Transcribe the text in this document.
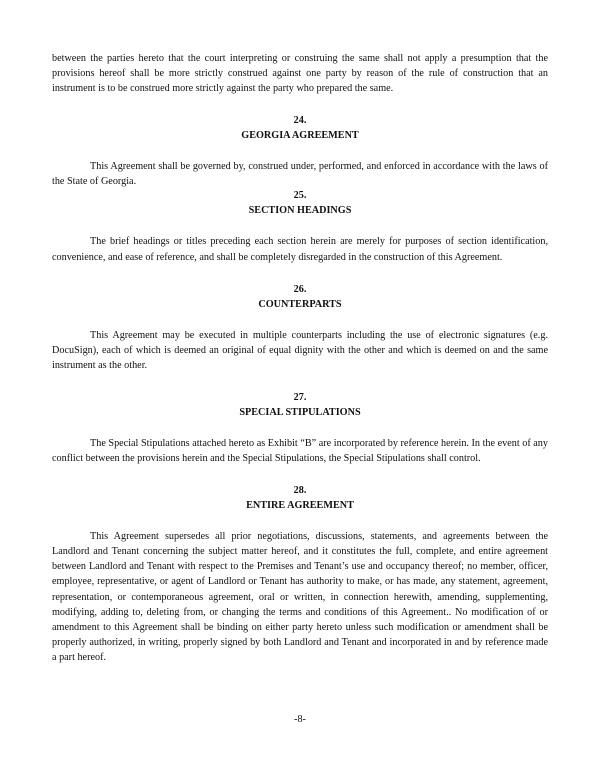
between the parties hereto that the court interpreting or construing the same shall not apply a presumption that the provisions hereof shall be more strictly construed against one party by reason of the rule of construction that an instrument is to be construed more strictly against the party who prepared the same.

24.
GEORGIA AGREEMENT

This Agreement shall be governed by, construed under, performed, and enforced in accordance with the laws of the State of Georgia.

25.
SECTION HEADINGS

The brief headings or titles preceding each section herein are merely for purposes of section identification, convenience, and ease of reference, and shall be completely disregarded in the construction of this Agreement.

26.
COUNTERPARTS

This Agreement may be executed in multiple counterparts including the use of electronic signatures (e.g. DocuSign), each of which is deemed an original of equal dignity with the other and which is deemed on and the same instrument as the other.

27.
SPECIAL STIPULATIONS

The Special Stipulations attached hereto as Exhibit “B” are incorporated by reference herein. In the event of any conflict between the provisions herein and the Special Stipulations, the Special Stipulations shall control.

28.
ENTIRE AGREEMENT

This Agreement supersedes all prior negotiations, discussions, statements, and agreements between the Landlord and Tenant concerning the subject matter hereof, and it constitutes the full, complete, and entire agreement between Landlord and Tenant with respect to the Premises and Tenant’s use and occupancy thereof; no member, officer, employee, representative, or agent of Landlord or Tenant has authority to make, or has made, any statement, agreement, representation, or contemporaneous agreement, oral or written, in connection herewith, amending, supplementing, modifying, adding to, deleting from, or changing the terms and conditions of this Agreement.. No modification of or amendment to this Agreement shall be binding on either party hereto unless such modification or amendment shall be properly authorized, in writing, properly signed by both Landlord and Tenant and incorporated in and by reference made a part hereof.

-8-
